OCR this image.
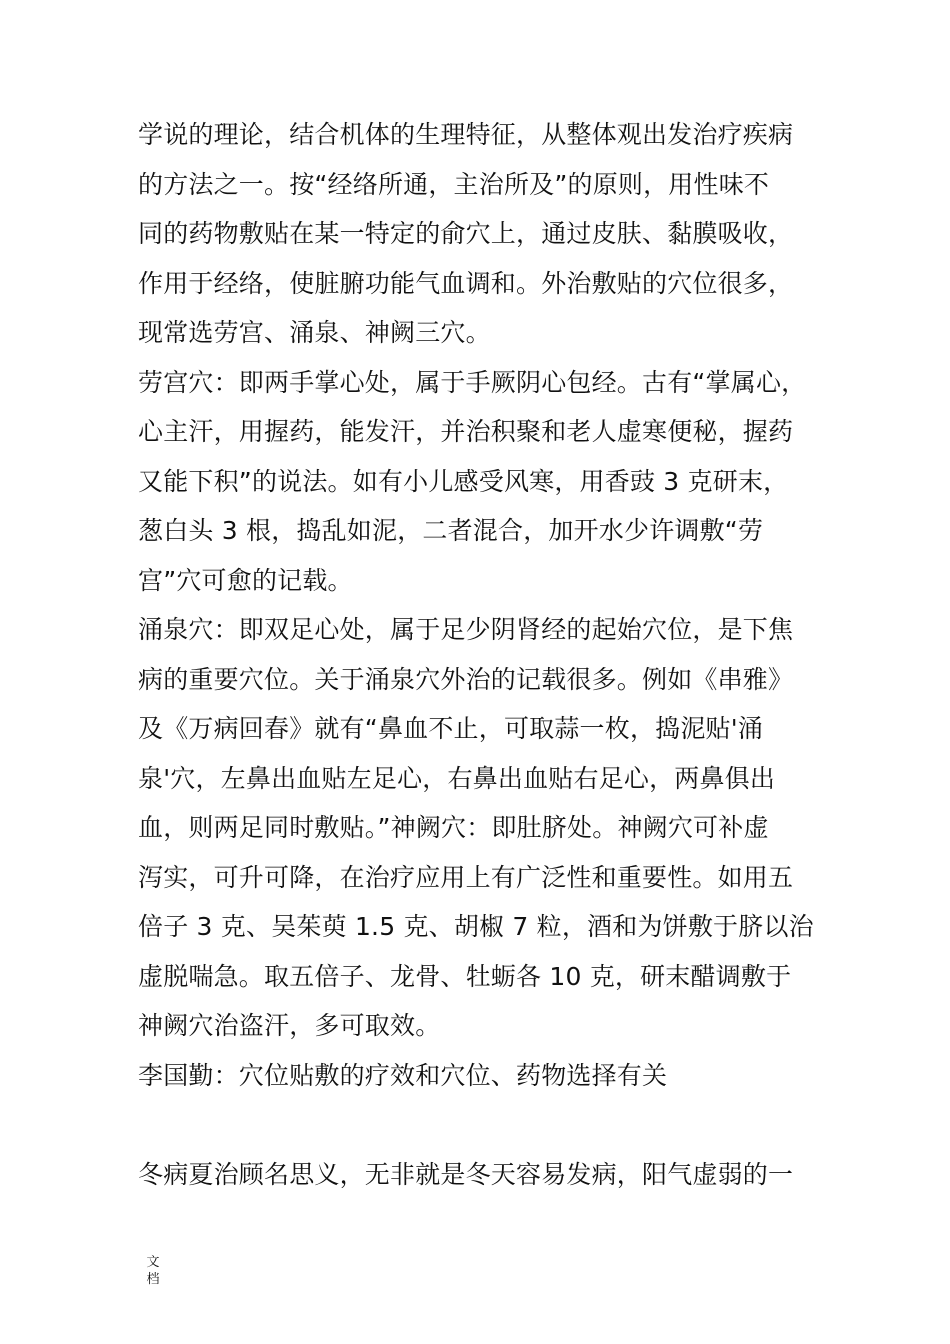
学说的理论，结合机体的生理特征，从整体观出发治疗疾病
的方法之一。按“经络所通，主治所及”的原则，用性味不
同的药物敷贴在某一特定的俞穴上，通过皮肤、黏膜吸收，
作用于经络，使脏腑功能气血调和。外治敷贴的穴位很多，
现常选劳宫、涌泉、神阙三穴。
劳宫穴：即两手掌心处，属于手厥阴心包经。古有“掌属心，
心主汗，用握药，能发汗，并治积聚和老人虚寒便秘，握药
又能下积”的说法。如有小儿感受风寒，用香豉 3 克研末，
葱白头 3 根，捣乱如泥，二者混合，加开水少许调敷“劳
宫”穴可愈的记载。
涌泉穴：即双足心处，属于足少阴肾经的起始穴位，是下焦
病的重要穴位。关于涌泉穴外治的记载很多。例如《串雅》
及《万病回春》就有“鼻血不止，可取蒜一枚，捣泥贴'涌
泉'穴，左鼻出血贴左足心，右鼻出血贴右足心，两鼻俱出
血，则两足同时敷贴。”神阙穴：即肚脐处。神阙穴可补虚
泻实，可升可降，在治疗应用上有广泛性和重要性。如用五
倍子 3 克、吴茱萸 1.5 克、胡椒 7 粒，酒和为饼敷于脐以治
虚脱喘急。取五倍子、龙骨、牡蛎各 10 克，研末醋调敷于
神阙穴治盗汗，多可取效。
李国勤：穴位贴敷的疗效和穴位、药物选择有关
冬病夏治顾名思义，无非就是冬天容易发病，阳气虚弱的一
文
档
